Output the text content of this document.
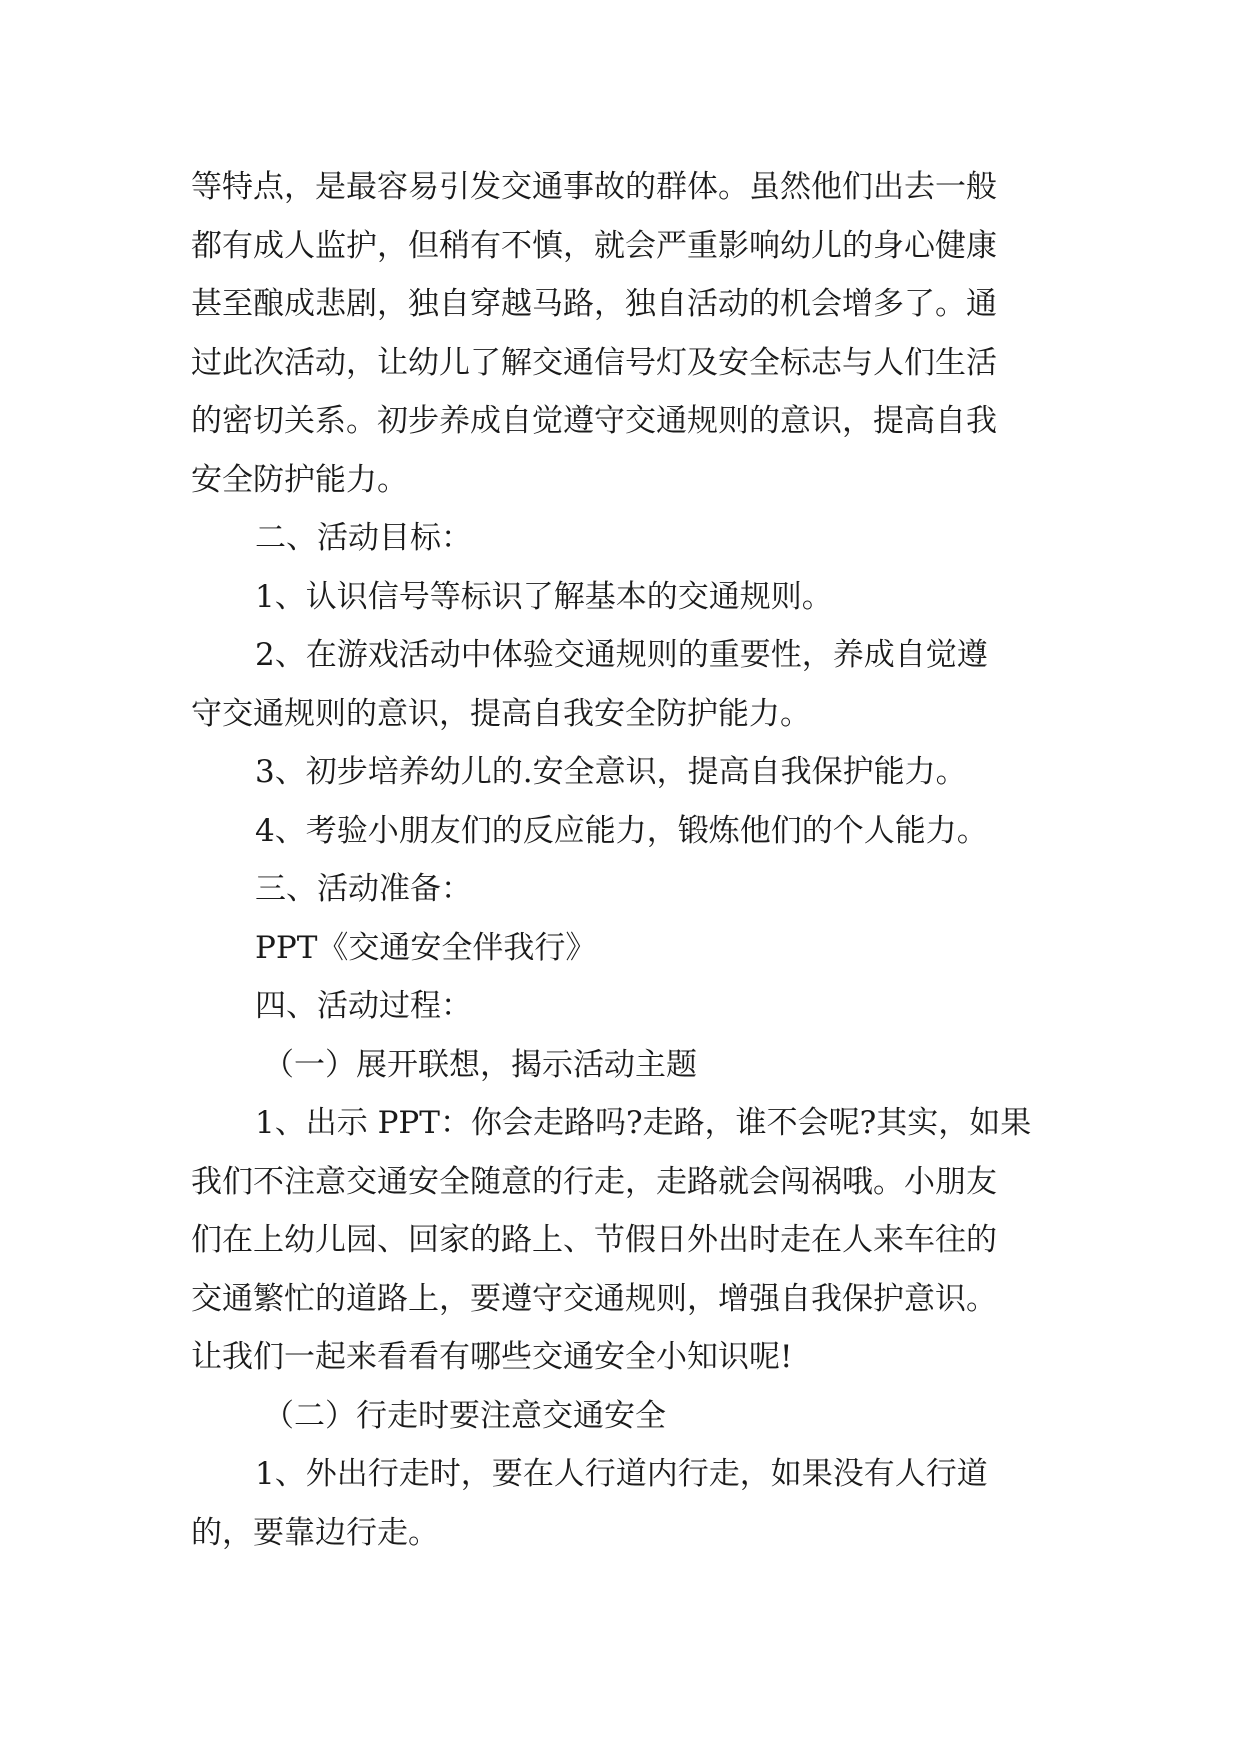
等特点，是最容易引发交通事故的群体。虽然他们出去一般
都有成人监护，但稍有不慎，就会严重影响幼儿的身心健康
甚至酿成悲剧，独自穿越马路，独自活动的机会增多了。通
过此次活动，让幼儿了解交通信号灯及安全标志与人们生活
的密切关系。初步养成自觉遵守交通规则的意识，提高自我
安全防护能力。
二、活动目标：
1、认识信号等标识了解基本的交通规则。
2、在游戏活动中体验交通规则的重要性，养成自觉遵
守交通规则的意识，提高自我安全防护能力。
3、初步培养幼儿的.安全意识，提高自我保护能力。
4、考验小朋友们的反应能力，锻炼他们的个人能力。
三、活动准备：
PPT《交通安全伴我行》
四、活动过程：
（一）展开联想，揭示活动主题
1、出示 PPT：你会走路吗?走路，谁不会呢?其实，如果
我们不注意交通安全随意的行走，走路就会闯祸哦。小朋友
们在上幼儿园、回家的路上、节假日外出时走在人来车往的
交通繁忙的道路上，要遵守交通规则，增强自我保护意识。
让我们一起来看看有哪些交通安全小知识呢!
（二）行走时要注意交通安全
1、外出行走时，要在人行道内行走，如果没有人行道
的，要靠边行走。
